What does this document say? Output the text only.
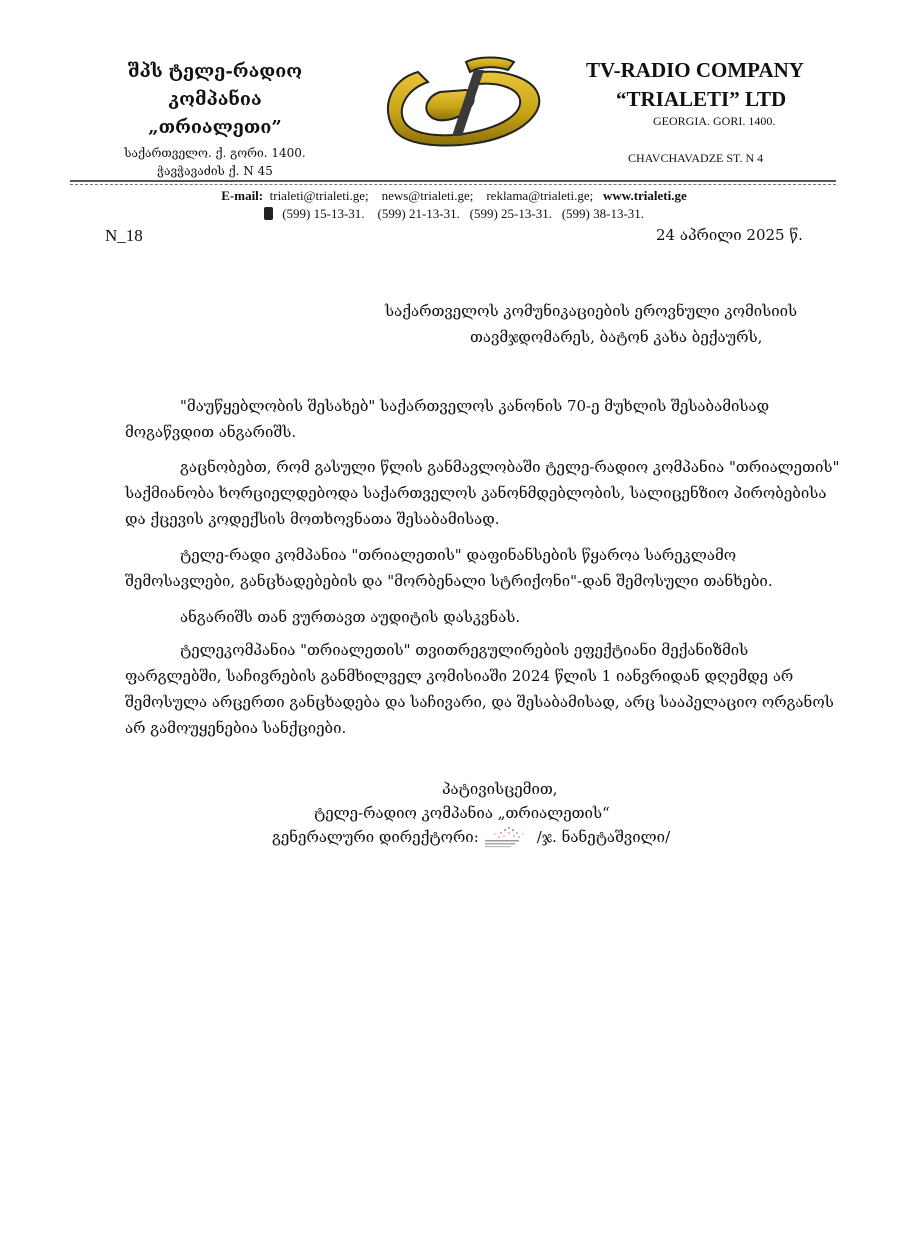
შპს ტელე-რადიო
კომპანია
„თრიალეთი”
საქართველო. ქ. გორი. 1400.
ჭავჭავაძის ქ. N 45
TV-RADIO COMPANY
“TRIALETI” LTD
GEORGIA. GORI. 1400.
CHAVCHAVADZE ST. N 4
E-mail: trialeti@trialeti.ge; news@trialeti.ge; reklama@trialeti.ge; www.trialeti.ge
(599) 15-13-31. (599) 21-13-31. (599) 25-13-31. (599) 38-13-31.
N_18	24 აპრილი 2025 წ.
საქართველოს კომუნიკაციების ეროვნული კომისიის
თავმჯდომარეს, ბატონ კახა ბექაურს,
"მაუწყებლობის შესახებ" საქართველოს კანონის 70-ე მუხლის შესაბამისად მოგაწვდით ანგარიშს.
გაცნობებთ, რომ გასული წლის განმავლობაში ტელე-რადიო კომპანია "თრიალეთის" საქმიანობა ხორციელდებოდა საქართველოს კანონმდებლობის, სალიცენზიო პირობებისა და ქცევის კოდექსის მოთხოვნათა შესაბამისად.
ტელე-რადი კომპანია "თრიალეთის" დაფინანსების წყაროა სარეკლამო შემოსავლები, განცხადებების და "მორბენალი სტრიქონი"-დან შემოსული თანხები.
ანგარიშს თან ვურთავთ აუდიტის დასკვნას.
ტელეკომპანია "თრიალეთის" თვითრეგულირების ეფექტიანი მექანიზმის ფარგლებში, საჩივრების განმხილველ კომისიაში 2024 წლის 1 იანვრიდან დღემდე არ შემოსულა არცერთი განცხადება და საჩივარი, და შესაბამისად, არც სააპელაციო ორგანოს არ გამოუყენებია სანქციები.
პატივისცემით,
ტელე-რადიო კომპანია „თრიალეთის“
გენერალური დირექტორი:	/ჯ. ნანეტაშვილი/
